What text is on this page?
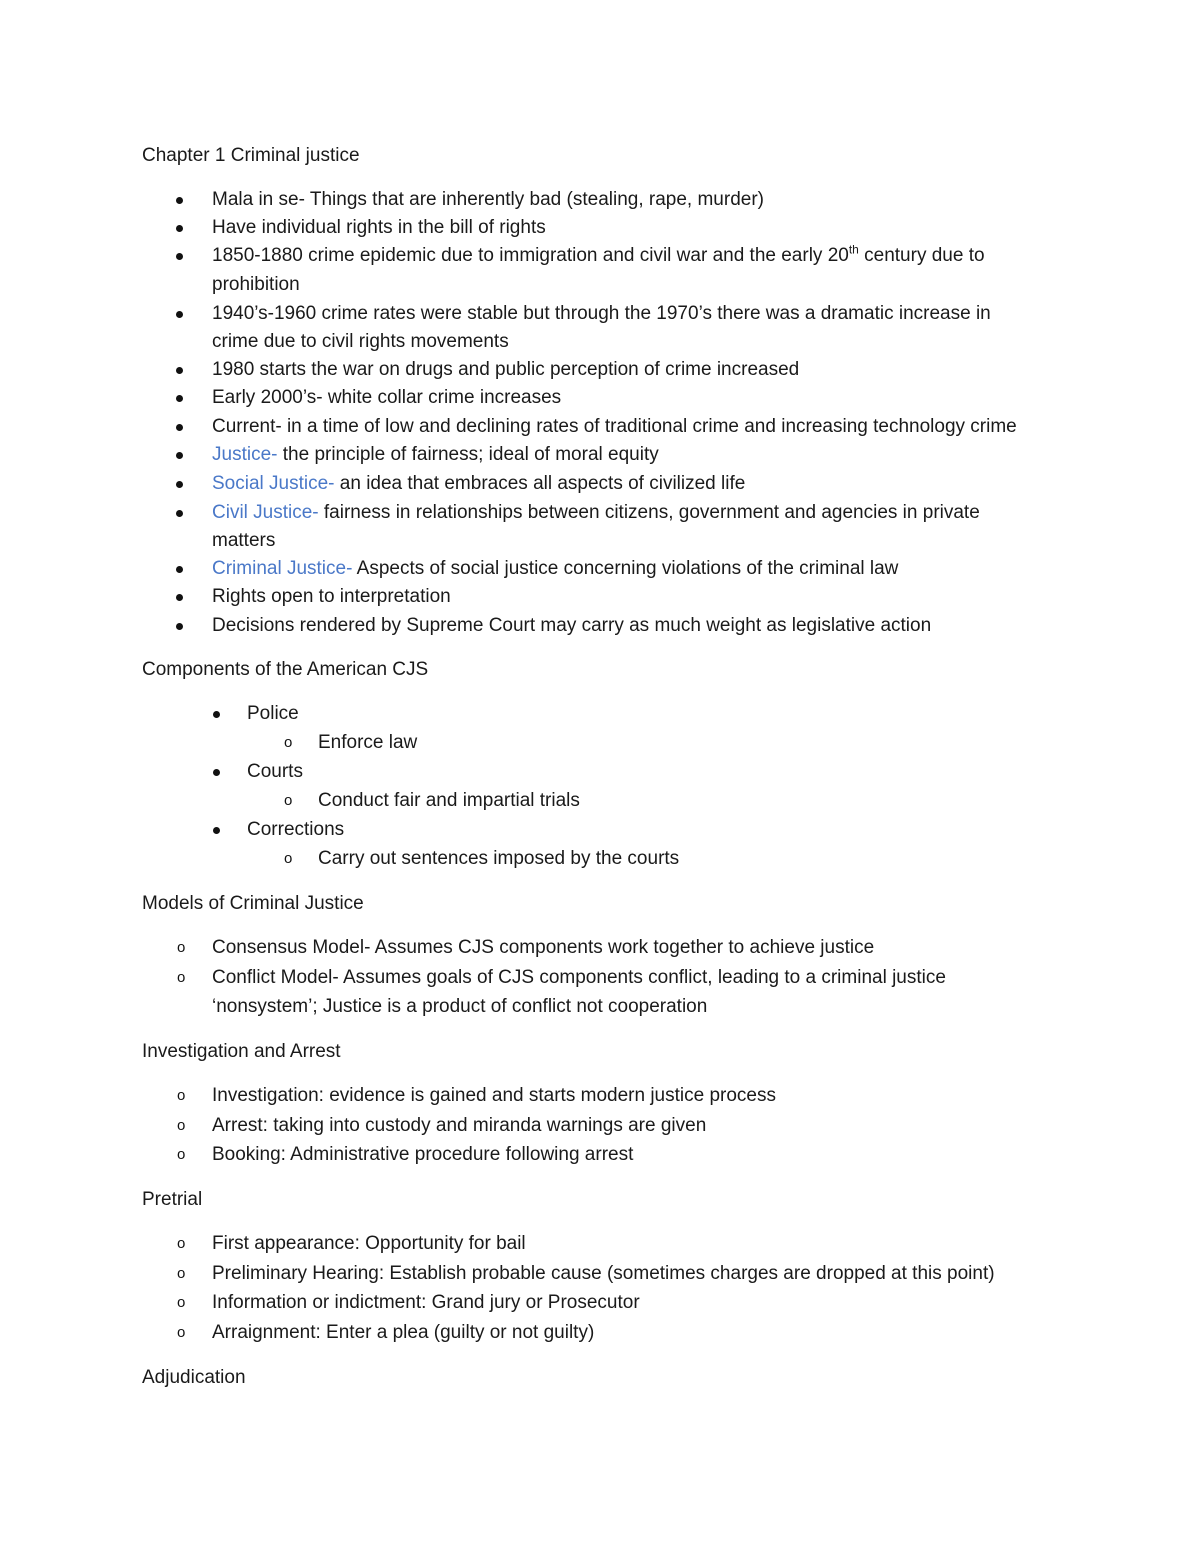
Chapter 1 Criminal justice
Mala in se- Things that are inherently bad (stealing, rape, murder)
Have individual rights in the bill of rights
1850-1880 crime epidemic due to immigration and civil war and the early 20th century due to
prohibition
1940’s-1960 crime rates were stable but through the 1970’s there was a dramatic increase in
crime due to civil rights movements
1980 starts the war on drugs and public perception of crime increased
Early 2000’s- white collar crime increases
Current- in a time of low and declining rates of traditional crime and increasing technology crime
Justice- the principle of fairness; ideal of moral equity
Social Justice- an idea that embraces all aspects of civilized life
Civil Justice- fairness in relationships between citizens, government and agencies in private
matters
Criminal Justice- Aspects of social justice concerning violations of the criminal law
Rights open to interpretation
Decisions rendered by Supreme Court may carry as much weight as legislative action
Components of the American CJS
Police
o Enforce law
Courts
o Conduct fair and impartial trials
Corrections
o Carry out sentences imposed by the courts
Models of Criminal Justice
o Consensus Model- Assumes CJS components work together to achieve justice
o Conflict Model- Assumes goals of CJS components conflict, leading to a criminal justice
‘nonsystem’; Justice is a product of conflict not cooperation
Investigation and Arrest
o Investigation: evidence is gained and starts modern justice process
o Arrest: taking into custody and miranda warnings are given
o Booking: Administrative procedure following arrest
Pretrial
o First appearance: Opportunity for bail
o Preliminary Hearing: Establish probable cause (sometimes charges are dropped at this point)
o Information or indictment: Grand jury or Prosecutor
o Arraignment: Enter a plea (guilty or not guilty)
Adjudication
